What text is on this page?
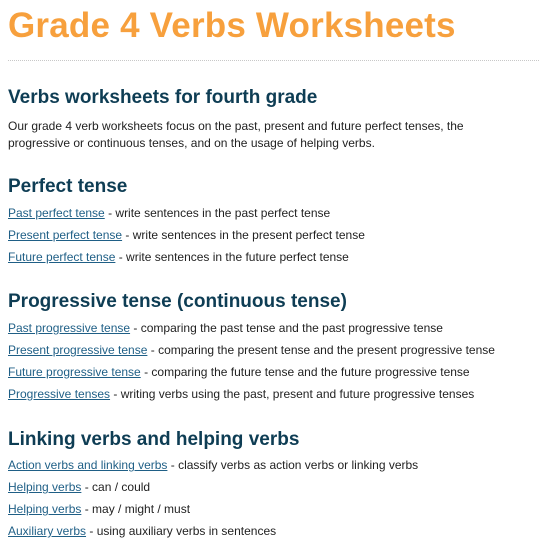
Grade 4 Verbs Worksheets
Verbs worksheets for fourth grade

Our grade 4 verb worksheets focus on the past, present and future perfect tenses, the progressive or continuous tenses, and on the usage of helping verbs.

Perfect tense

Past perfect tense - write sentences in the past perfect tense

Present perfect tense - write sentences in the present perfect tense

Future perfect tense - write sentences in the future perfect tense

Progressive tense (continuous tense)

Past progressive tense - comparing the past tense and the past progressive tense

Present progressive tense - comparing the present tense and the present progressive tense

Future progressive tense - comparing the future tense and the future progressive tense

Progressive tenses - writing verbs using the past, present and future progressive tenses

Linking verbs and helping verbs

Action verbs and linking verbs - classify verbs as action verbs or linking verbs

Helping verbs - can / could

Helping verbs - may / might / must

Auxiliary verbs - using auxiliary verbs in sentences
